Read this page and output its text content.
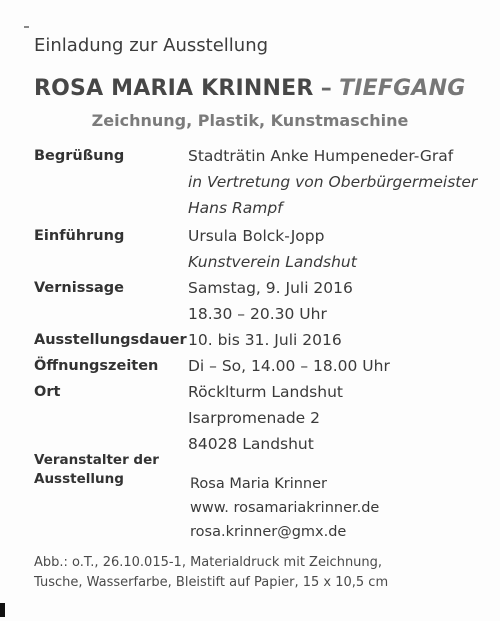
Einladung zur Ausstellung
ROSA MARIA KRINNER – TIEFGANG
Zeichnung, Plastik, Kunstmaschine
Begrüßung	Stadträtin Anke Humpeneder-Graf
in Vertretung von Oberbürgermeister
Hans Rampf
Einführung	Ursula Bolck-Jopp
Kunstverein Landshut
Vernissage	Samstag, 9. Juli 2016
18.30 – 20.30 Uhr
Ausstellungsdauer 10. bis 31. Juli 2016
Öffnungszeiten Di – So, 14.00 – 18.00 Uhr
Ort	Röcklturm Landshut
Isarpromenade 2
84028 Landshut
Veranstalter der
Ausstellung	Rosa Maria Krinner
www. rosamariakrinner.de
rosa.krinner@gmx.de
Abb.: o.T., 26.10.015-1, Materialdruck mit Zeichnung,
Tusche, Wasserfarbe, Bleistift auf Papier, 15 x 10,5 cm
